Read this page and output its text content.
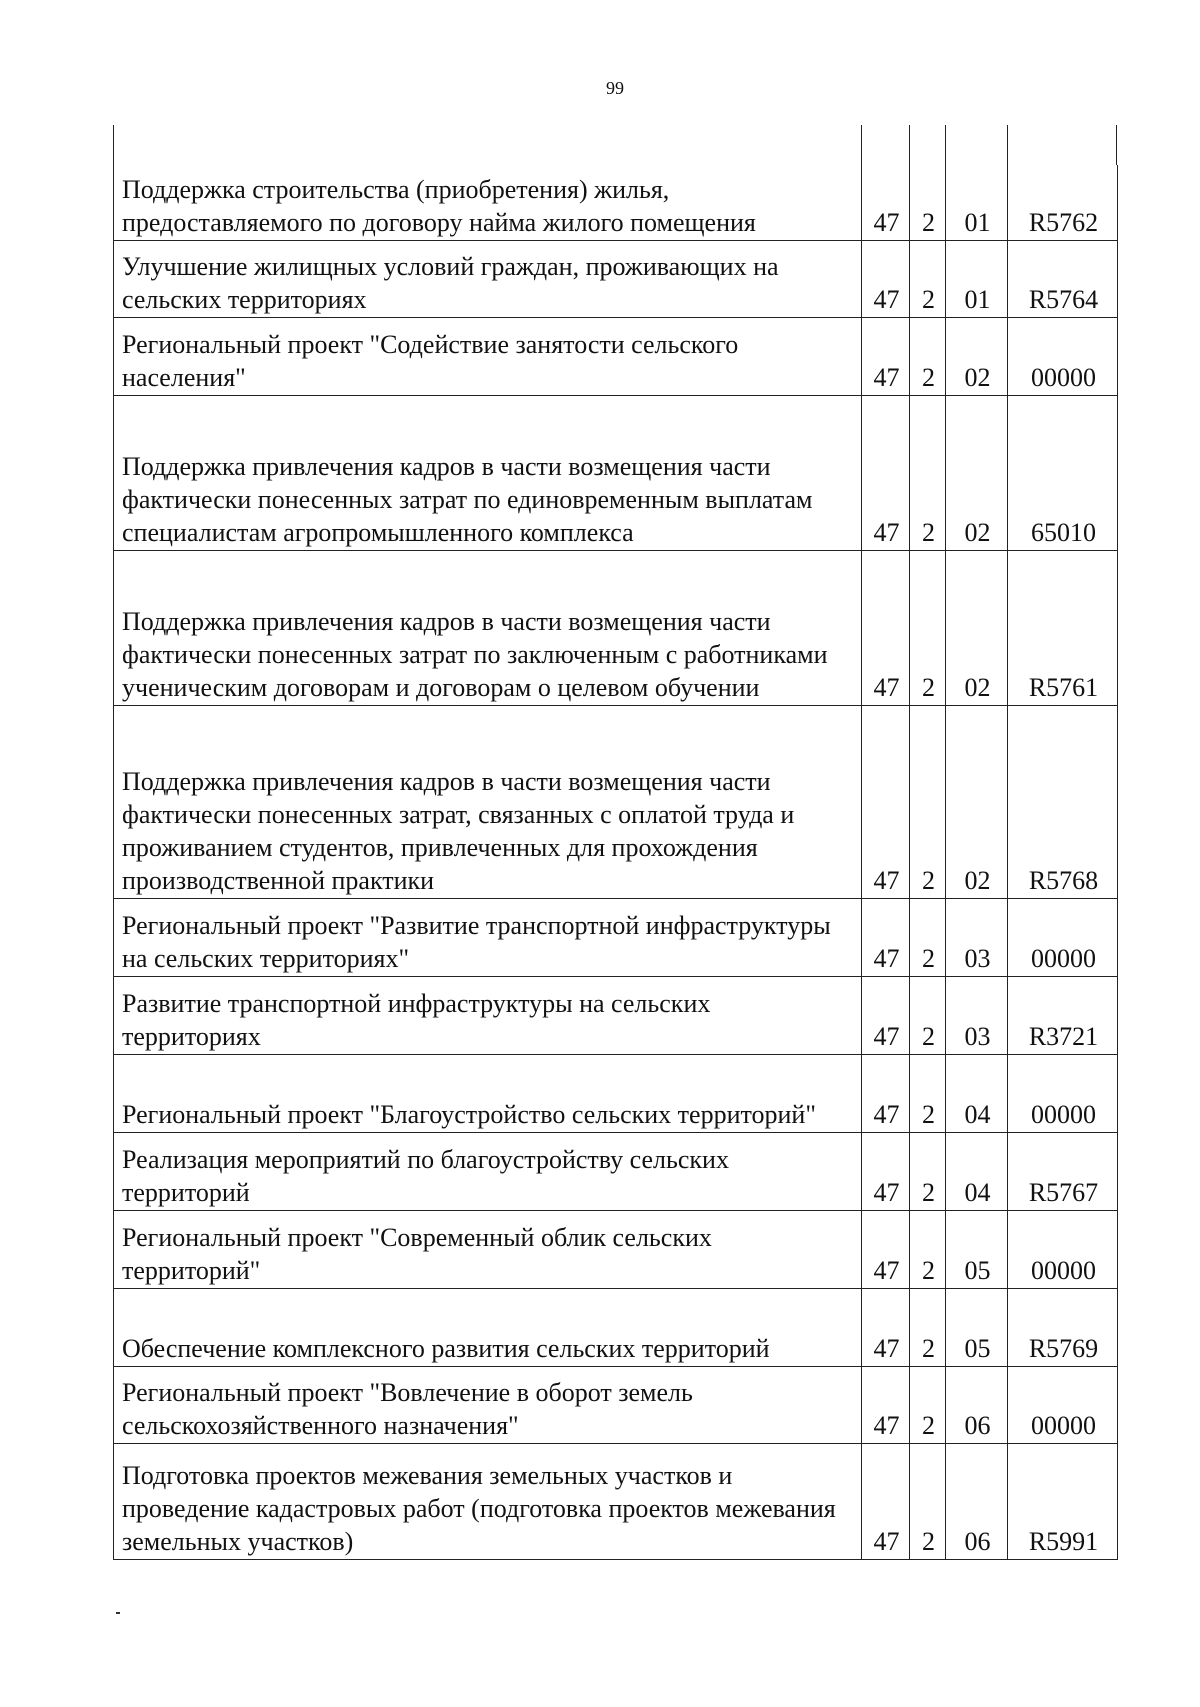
99
Поддержка строительства (приобретения) жилья, предоставляемого по договору найма жилого помещения	47	2	01	R5762
Улучшение жилищных условий граждан, проживающих на сельских территориях	47	2	01	R5764
Региональный проект "Содействие занятости сельского населения"	47	2	02	00000
Поддержка привлечения кадров в части возмещения части фактически понесенных затрат по единовременным выплатам специалистам агропромышленного комплекса	47	2	02	65010
Поддержка привлечения кадров в части возмещения части фактически понесенных затрат по заключенным с работниками ученическим договорам и договорам о целевом обучении	47	2	02	R5761
Поддержка привлечения кадров в части возмещения части фактически понесенных затрат, связанных с оплатой труда и проживанием студентов, привлеченных для прохождения производственной практики	47	2	02	R5768
Региональный проект "Развитие транспортной инфраструктуры на сельских территориях"	47	2	03	00000
Развитие транспортной инфраструктуры на сельских территориях	47	2	03	R3721
Региональный проект "Благоустройство сельских территорий"	47	2	04	00000
Реализация мероприятий по благоустройству сельских территорий	47	2	04	R5767
Региональный проект "Современный облик сельских территорий"	47	2	05	00000
Обеспечение комплексного развития сельских территорий	47	2	05	R5769
Региональный проект "Вовлечение в оборот земель сельскохозяйственного назначения"	47	2	06	00000
Подготовка проектов межевания земельных участков и проведение кадастровых работ (подготовка проектов межевания земельных участков)	47	2	06	R5991
